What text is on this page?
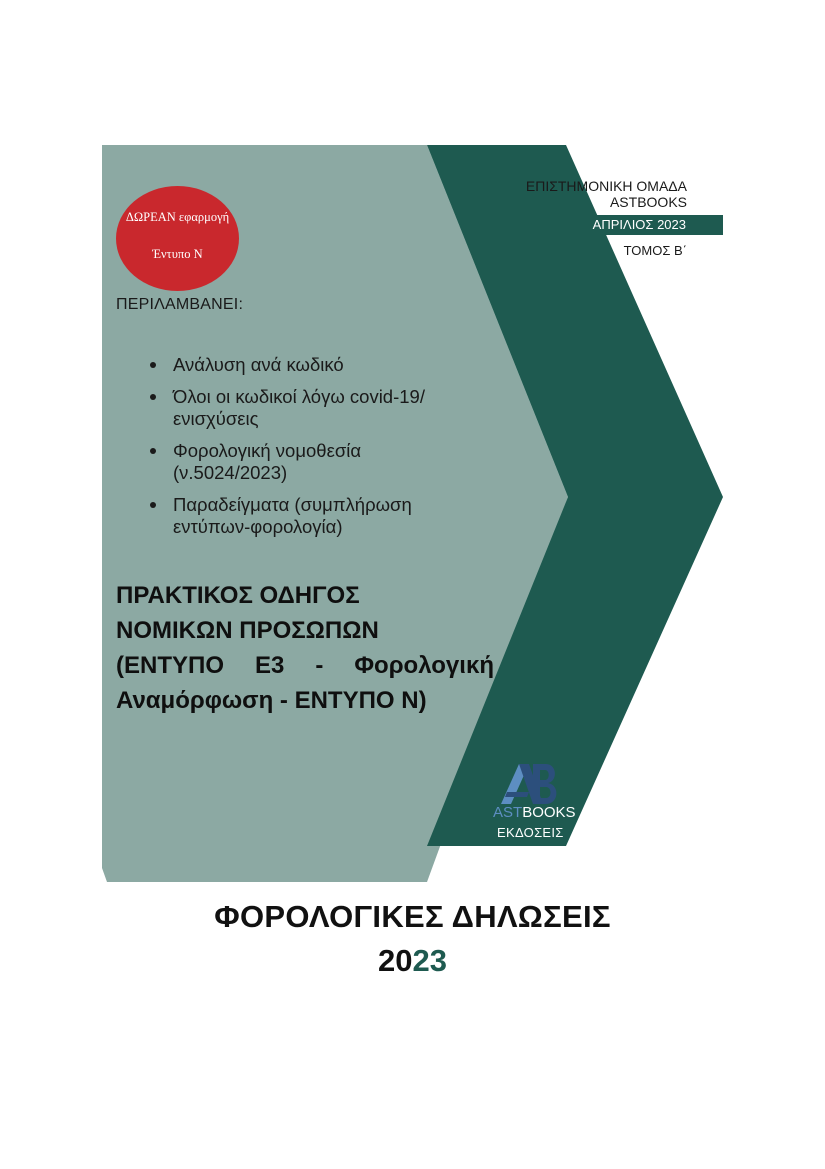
ΔΩΡΕΑΝ εφαρμογή
Έντυπο Ν
ΕΠΙΣΤΗΜΟΝΙΚΗ ΟΜΑΔΑ
ASTBOOKS
ΑΠΡΙΛΙΟΣ 2023
ΤΟΜΟΣ Β΄
ΠΕΡΙΛΑΜΒΑΝΕΙ:
Ανάλυση ανά κωδικό
Όλοι οι κωδικοί λόγω covid-19/
ενισχύσεις
Φορολογική νομοθεσία
(ν.5024/2023)
Παραδείγματα (συμπλήρωση
εντύπων-φορολογία)
ΠΡΑΚΤΙΚΟΣ ΟΔΗΓΟΣ
ΝΟΜΙΚΩΝ ΠΡΟΣΩΠΩΝ
(ΕΝΤΥΠΟ Ε3 - Φορολογική
Αναμόρφωση - ΕΝΤΥΠΟ Ν)
ASTBOOKS
ΕΚΔΟΣΕΙΣ
ΦΟΡΟΛΟΓΙΚΕΣ ΔΗΛΩΣΕΙΣ
2023
